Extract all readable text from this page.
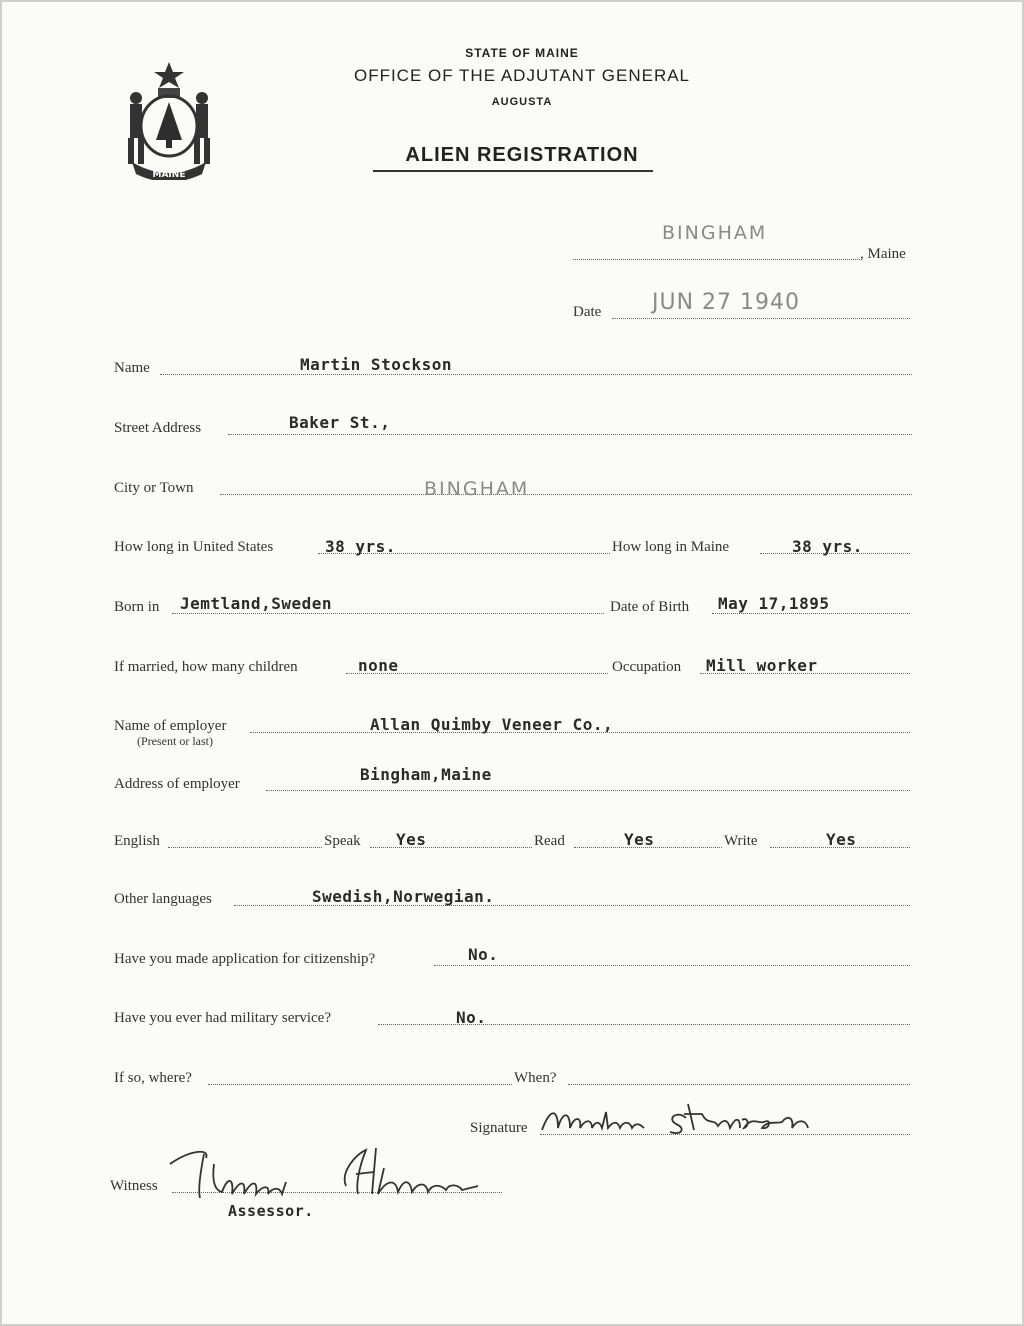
MAINE
STATE OF MAINE
OFFICE OF THE ADJUTANT GENERAL
AUGUSTA
ALIEN REGISTRATION
BINGHAM
, Maine
Date JUN 27 1940
Name	Martin Stockson
Street Address	Baker St.,
City or Town	BINGHAM
How long in United States	38 yrs.	How long in Maine	38 yrs.
Born in Jemtland,Sweden	Date of Birth May 17,1895
If married, how many children	none	Occupation Mill worker
Name of employer
(Present or last)
Allan Quimby Veneer Co.,
Address of employer	Bingham,Maine
English	Speak Yes	Read	Yes	Write	Yes
Other languages	Swedish,Norwegian.
Have you made application for citizenship?	No.
Have you ever had military service?	No.
If so, where?	When?
Signature
Witness
Assessor.
